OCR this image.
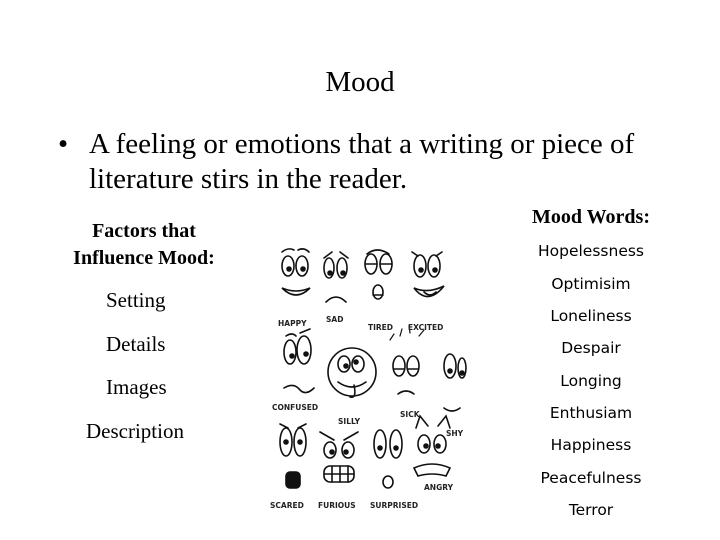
Mood
• A feeling or emotions that a writing or piece of literature stirs in the reader.
Factors that
Influence Mood:
Setting
Details
Images
Description
Mood Words:
Hopelessness
Optimisim
Loneliness
Despair
Longing
Enthusiam
Happiness
Peacefulness
Terror
HAPPY	SAD
TIRED EXCITED
CONFUSED
SILLY
SICK
SHY
SCARED FURIOUS SURPRISED
ANGRY
